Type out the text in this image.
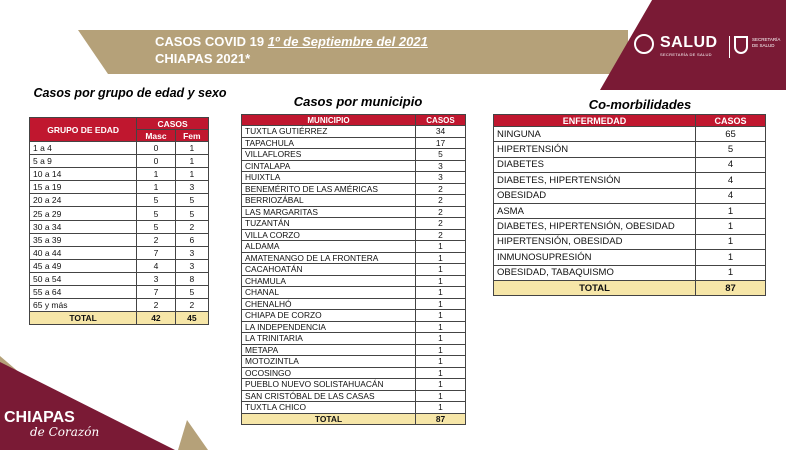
CASOS COVID 19 1º de Septiembre del 2021
CHIAPAS 2021*
SALUD
SECRETARÍA DE SALUD
SECRETARÍA DE SALUD
CHIAPAS
de Corazón
Casos por grupo de edad y sexo
Casos por municipio	Co-morbilidades
GRUPO DE EDAD	CASOS	
	Masc	Fem
1 a 4	0	1
5 a 9	0	1
10 a 14	1	1
15 a 19	1	3
20 a 24	5	5
25 a 29	5	5
30 a 34	5	2
35 a 39	2	6
40 a 44	7	3
45 a 49	4	3
50 a 54	3	8
55 a 64	7	5
65 y más	2	2
TOTAL	42	45
MUNICIPIO	CASOS
TUXTLA GUTIÉRREZ	34
TAPACHULA	17
VILLAFLORES	5
CINTALAPA	3
HUIXTLA	3
BENEMÉRITO DE LAS AMÉRICAS	2
BERRIOZÁBAL	2
LAS MARGARITAS	2
TUZANTÁN	2
VILLA CORZO	2
ALDAMA	1
AMATENANGO DE LA FRONTERA	1
CACAHOATÁN	1
CHAMULA	1
CHANAL	1
CHENALHÓ	1
CHIAPA DE CORZO	1
LA INDEPENDENCIA	1
LA TRINITARIA	1
METAPA	1
MOTOZINTLA	1
OCOSINGO	1
PUEBLO NUEVO SOLISTAHUACÁN	1
SAN CRISTÓBAL DE LAS CASAS	1
TUXTLA CHICO	1
TOTAL	87
ENFERMEDAD	CASOS
NINGUNA	65
HIPERTENSIÓN	5
DIABETES	4
DIABETES, HIPERTENSIÓN	4
OBESIDAD	4
ASMA	1
DIABETES, HIPERTENSIÓN, OBESIDAD	1
HIPERTENSIÓN, OBESIDAD	1
INMUNOSUPRESIÓN	1
OBESIDAD, TABAQUISMO	1
TOTAL	87
